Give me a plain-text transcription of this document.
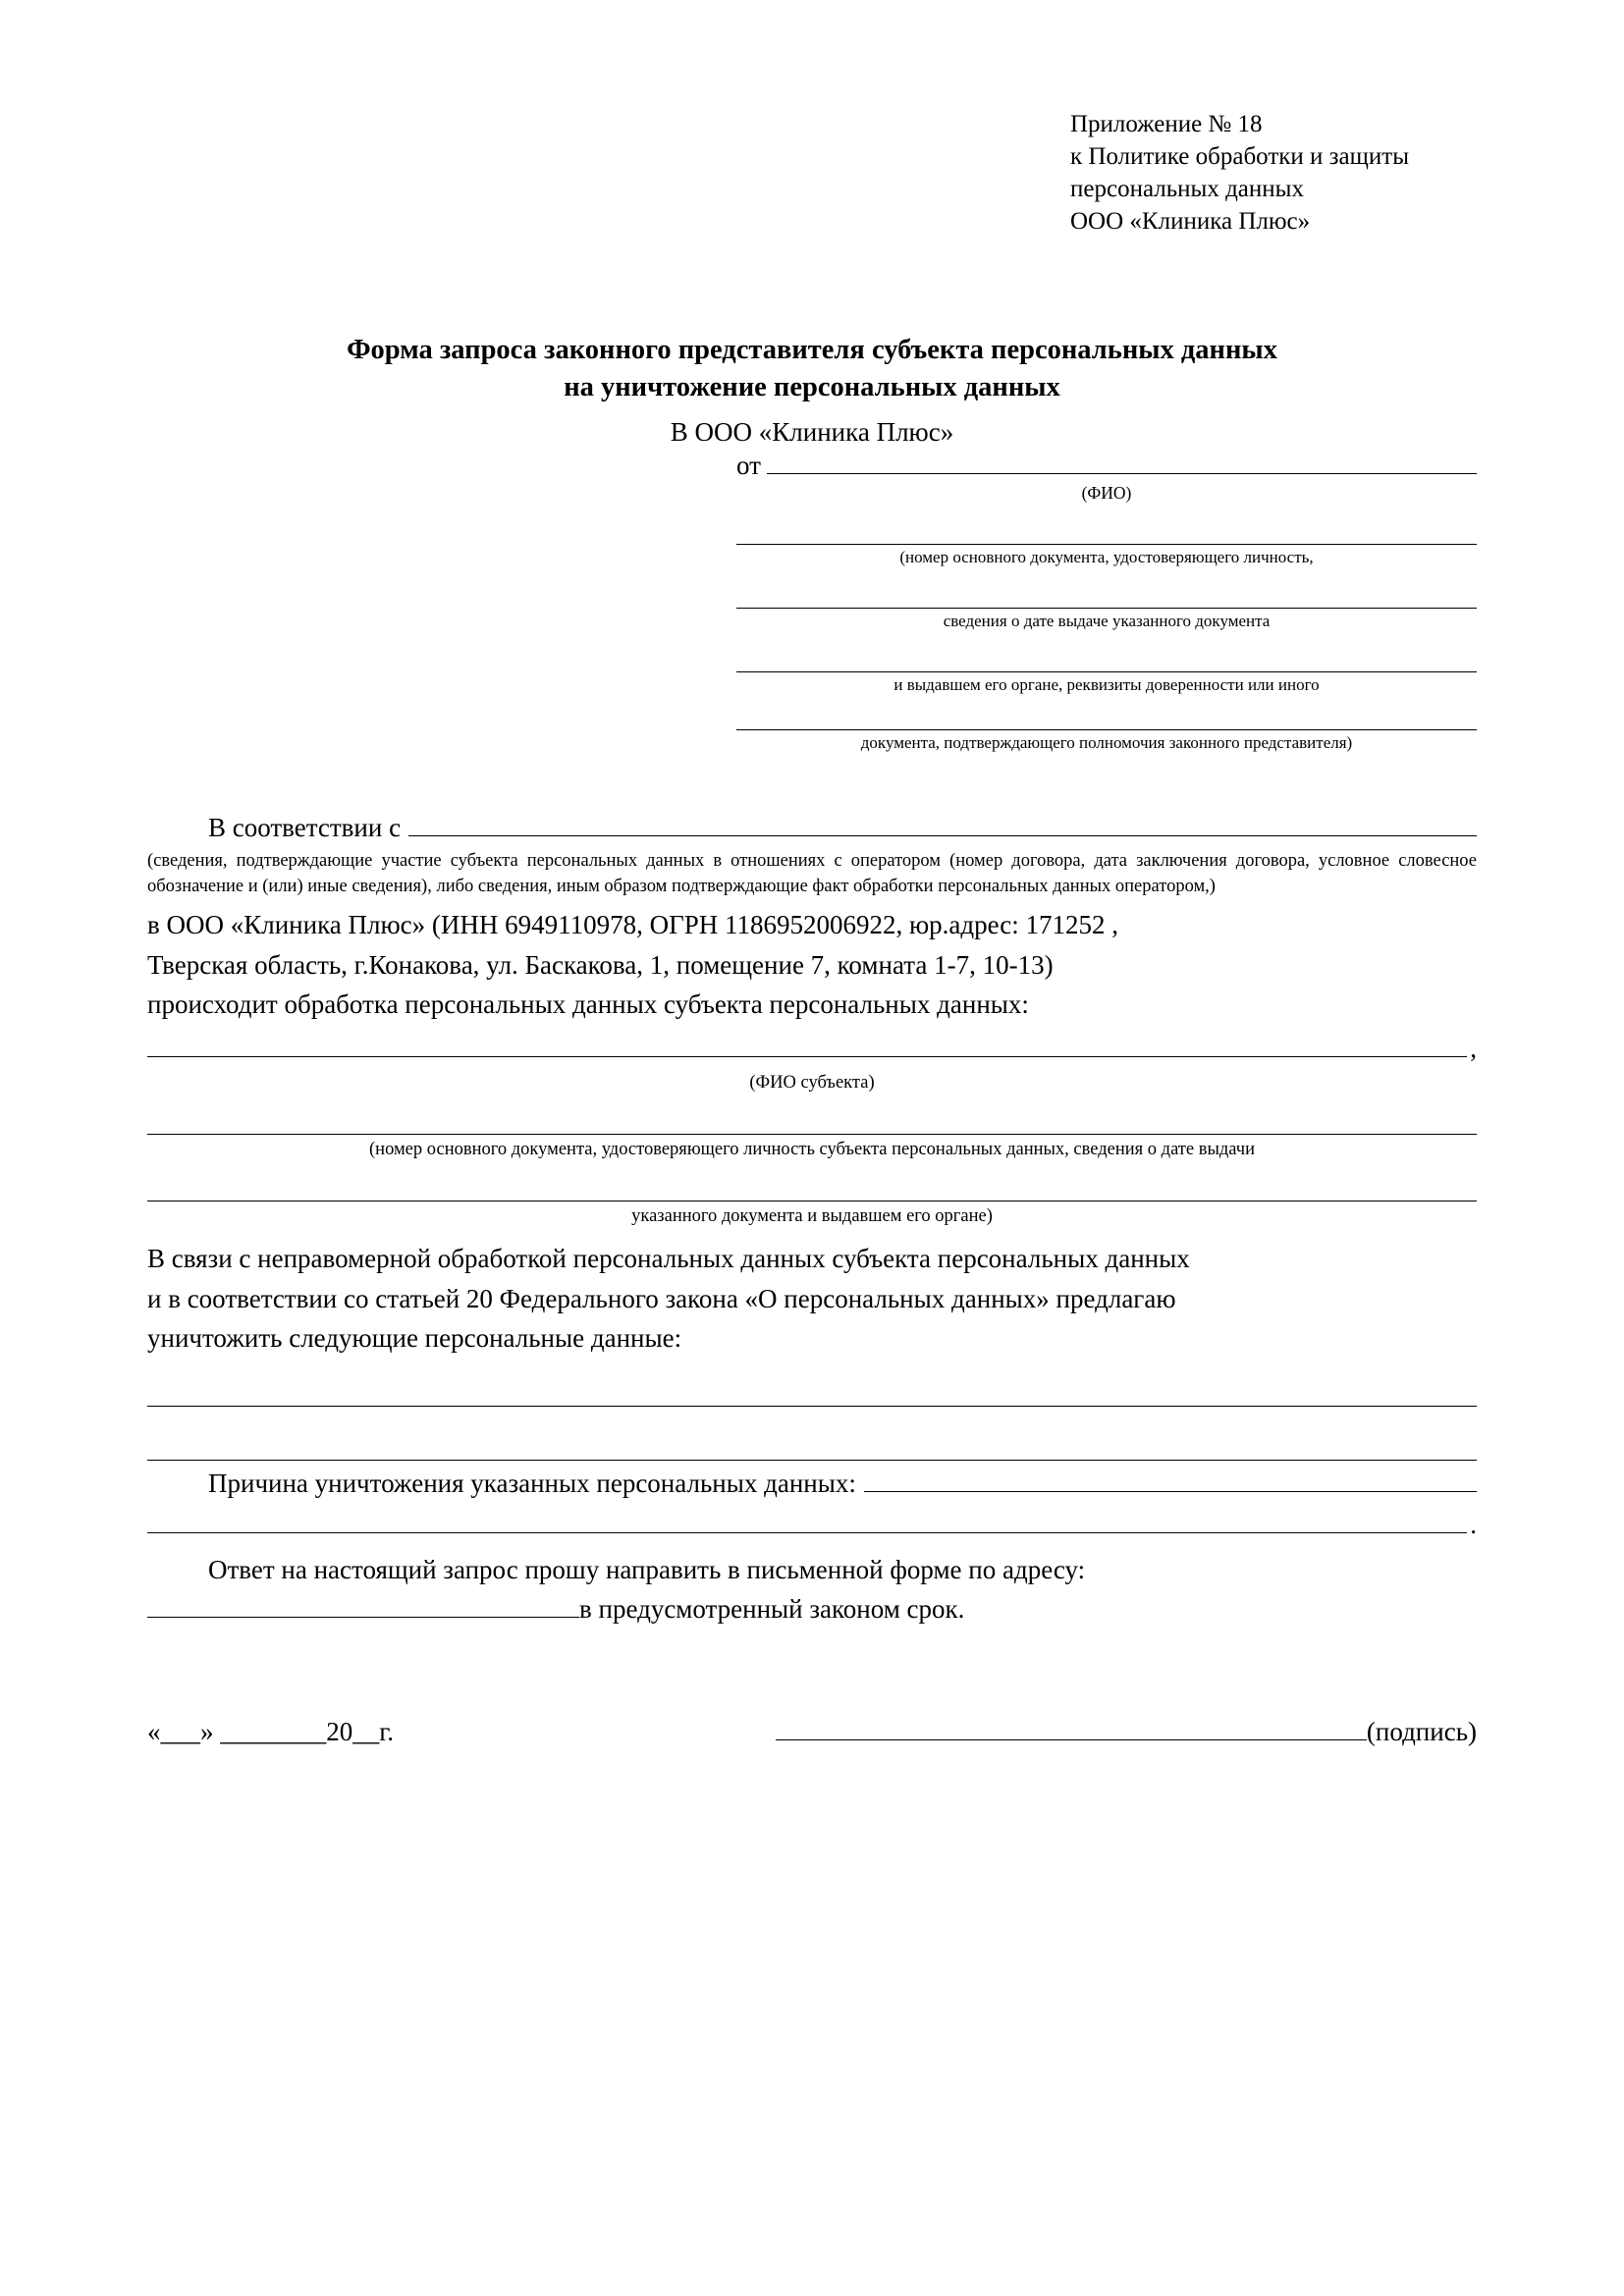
Приложение № 18
к Политике обработки и защиты
персональных данных
ООО «Клиника Плюс»
Форма запроса законного представителя субъекта персональных данных
на уничтожение персональных данных
В ООО «Клиника Плюс»
от
(ФИО)
(номер основного документа, удостоверяющего личность,
сведения о дате выдаче указанного документа
и выдавшем его органе, реквизиты доверенности или иного
документа, подтверждающего полномочия законного представителя)
В соответствии с
(сведения, подтверждающие участие субъекта персональных данных в отношениях с оператором (номер договора, дата заключения договора, условное словесное обозначение и (или) иные сведения), либо сведения, иным образом подтверждающие факт обработки персональных данных оператором,)
в ООО «Клиника Плюс» (ИНН 6949110978, ОГРН 1186952006922, юр.адрес: 171252 ,
Тверская область, г.Конакова, ул. Баскакова, 1, помещение 7, комната 1-7, 10-13)
происходит обработка персональных данных субъекта персональных данных:
,
(ФИО субъекта)
(номер основного документа, удостоверяющего личность субъекта персональных данных, сведения о дате выдачи
указанного документа и выдавшем его органе)
В связи с неправомерной обработкой персональных данных субъекта персональных данных
и в соответствии со статьей 20 Федерального закона «О персональных данных» предлагаю
уничтожить следующие персональные данные:
Причина уничтожения указанных персональных данных:
.
Ответ на настоящий запрос прошу направить в письменной форме по адресу:
в предусмотренный законом срок.
«___» ________20__г.	(подпись)
